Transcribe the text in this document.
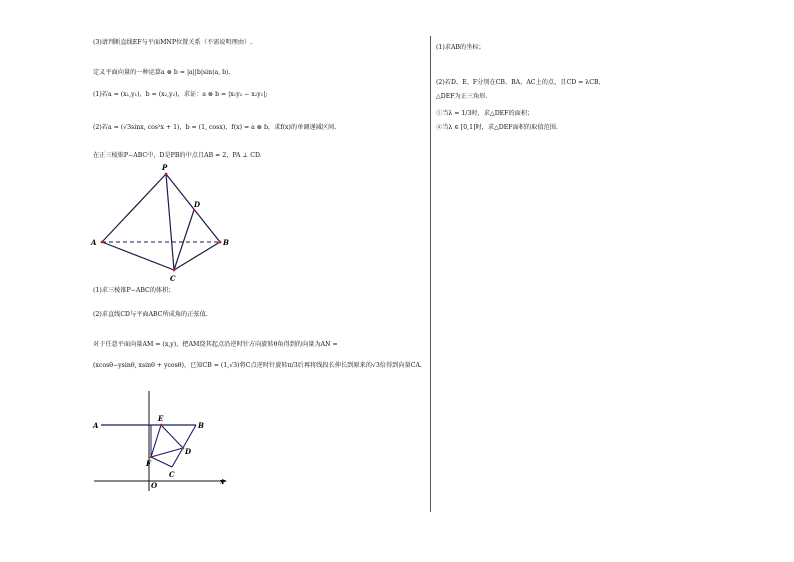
(3)请判断直线EF与平面MNP位置关系（不需说明理由）.
定义平面向量的一种运算a ⊗ b = |a||b|sin⟨a, b⟩.
(1)若a = (x₁,y₁)，b = (x₂,y₂)，求证：a ⊗ b = |x₁y₂ − x₂y₁|;
(2)若a = (√3sinx, cos²x + 1)，b = (1, cosx)，f(x) = a ⊗ b，求f(x)的单调递减区间.
在正三棱锥P−ABC中，D是PB的中点且AB = 2，PA ⊥ CD.
(1)求三棱锥P−ABC的体积；
(2)求直线CD与平面ABC所成角的正弦值.
对于任意平面向量AM = (x,y)，把AM绕其起点沿逆时针方向旋转θ角得到的向量为AN =
(xcosθ−ysinθ, xsinθ + ycosθ)，已知CB = (1,√3)将C点逆时针旋转π/3后再将线段长伸长到原来的√3倍得到向量CA.
P
D
A	B
C
A	B
E
D
F
C
O	x
(1)求AB的坐标；
(2)若D、E、F分别在CB、BA、AC上的点，且CD = λCB，
△DEF为正三角形.
①当λ = 1/3时，求△DEF的面积；
②当λ ∈ [0,1]时，求△DEF面积的取值范围.
